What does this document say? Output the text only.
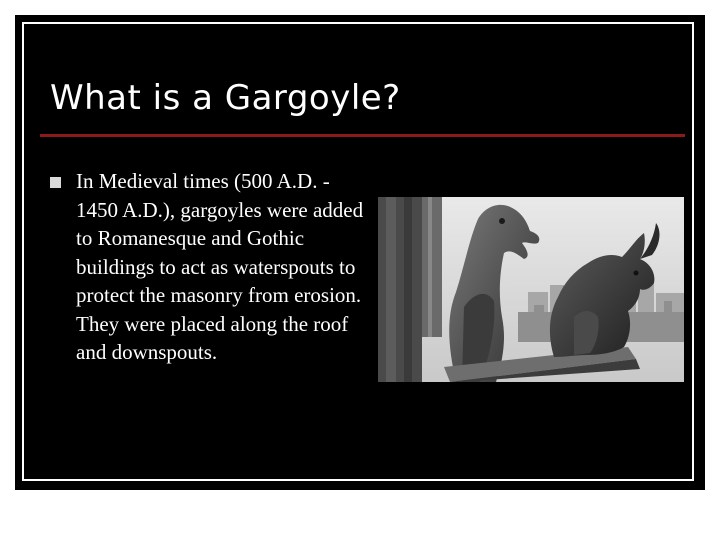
What is a Gargoyle?

In Medieval times (500 A.D. - 1450 A.D.), gargoyles were added to Romanesque and Gothic buildings to act as waterspouts to protect the masonry from erosion. They were placed along the roof and downspouts.
